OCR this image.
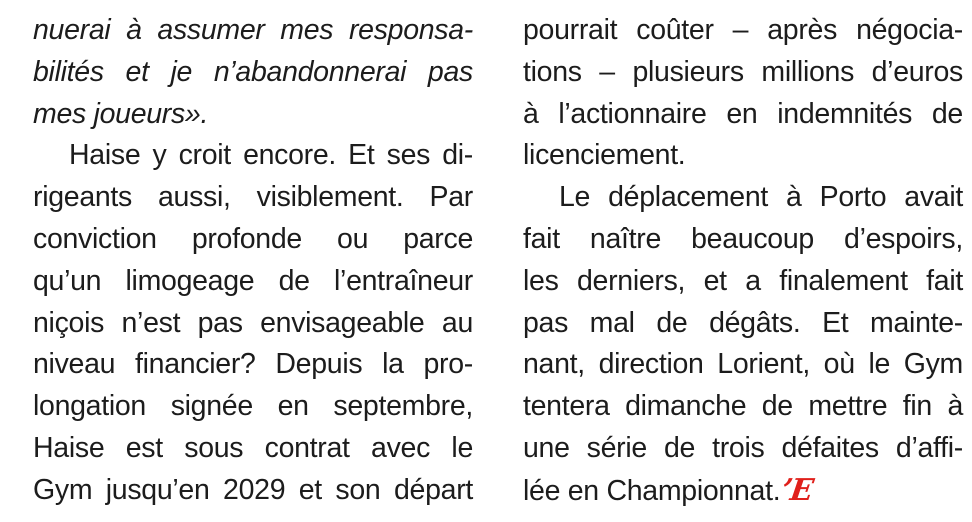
nuerai à assumer mes responsa-
bilités et je n’abandonnerai pas
mes joueurs».
Haise y croit encore. Et ses di-
rigeants aussi, visiblement. Par
conviction profonde ou parce
qu’un limogeage de l’entraîneur
niçois n’est pas envisageable au
niveau financier? Depuis la pro-
longation signée en septembre,
Haise est sous contrat avec le
Gym jusqu’en 2029 et son départ
pourrait coûter – après négocia-
tions – plusieurs millions d’euros
à l’actionnaire en indemnités de
licenciement.
Le déplacement à Porto avait
fait naître beaucoup d’espoirs,
les derniers, et a finalement fait
pas mal de dégâts. Et mainte-
nant, direction Lorient, où le Gym
tentera dimanche de mettre fin à
une série de trois défaites d’affi-
lée en Championnat.’E
